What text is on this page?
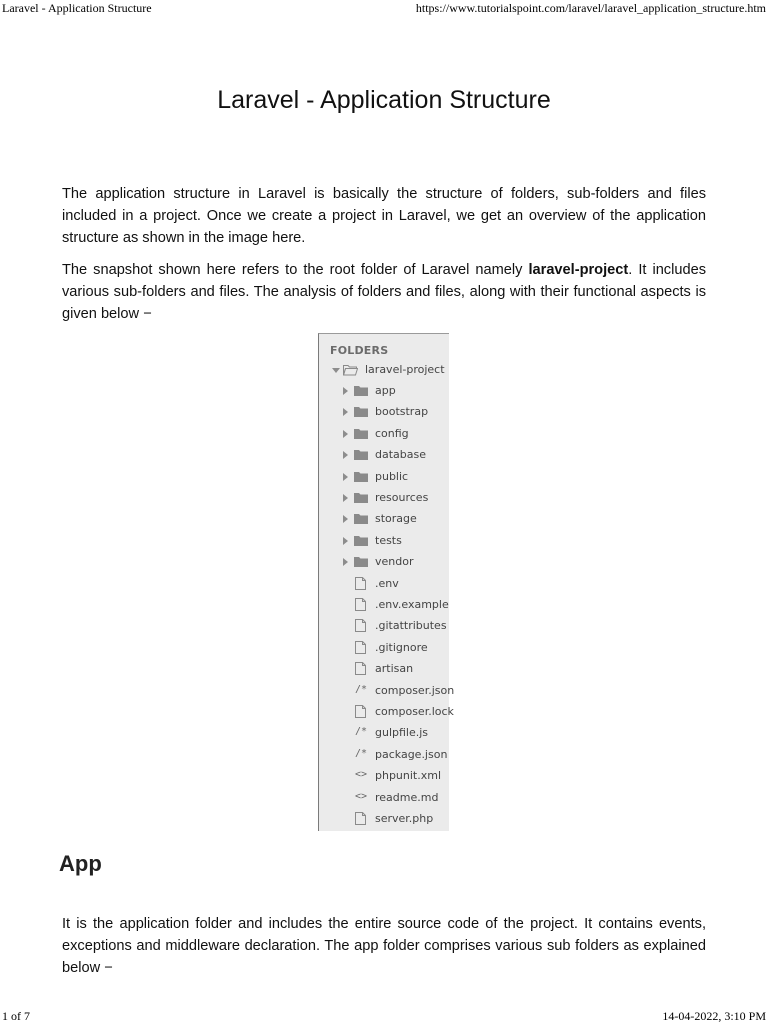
Laravel - Application Structure	https://www.tutorialspoint.com/laravel/laravel_application_structure.htm
Laravel - Application Structure

The application structure in Laravel is basically the structure of folders, sub-folders and files included in a project. Once we create a project in Laravel, we get an overview of the application structure as shown in the image here.

The snapshot shown here refers to the root folder of Laravel namely laravel-project. It includes various sub-folders and files. The analysis of folders and files, along with their functional aspects is given below −

FOLDERS
laravel-project
app
bootstrap
config
database
public
resources
storage
tests
vendor
.env
.env.example
.gitattributes
.gitignore
artisan
/* composer.json
composer.lock
/* gulpfile.js
/* package.json
<> phpunit.xml
<> readme.md
server.php
App

It is the application folder and includes the entire source code of the project. It contains events, exceptions and middleware declaration. The app folder comprises various sub folders as explained below −

1 of 7	14-04-2022, 3:10 PM
